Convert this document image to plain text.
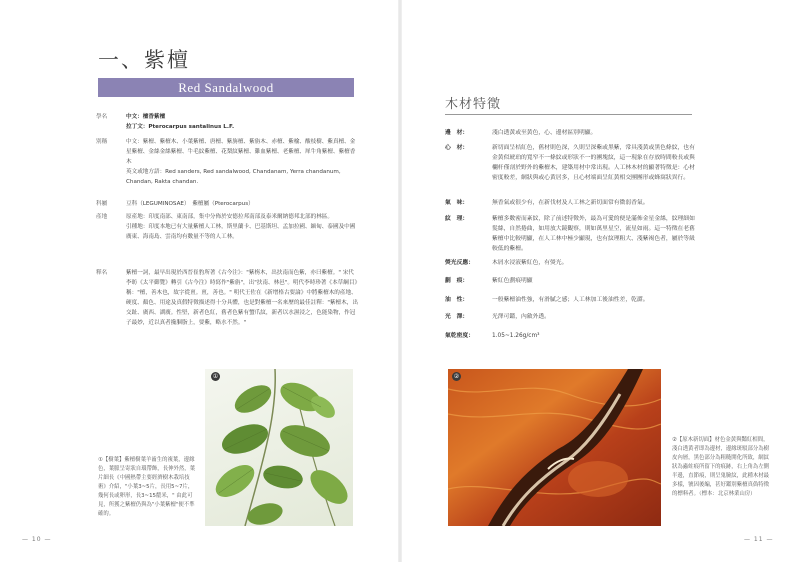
一、紫檀
Red Sandalwood
學名	中文：檀香紫檀

拉丁文：Pterocarpus santalinus L.F.

別稱	中文：紫檀、紫檀木、小葉紫檀、唐檀、紫旃檀、紫旃木、赤檀、紫榆、酸枝樹、紫真檀、金星紫檀、金絲金絲紫檀、牛毛紋紫檀、花梨紋紫檀、雞血紫檀、老紫檀、犀牛角紫檀、紫檀香木

英文或地方語：Red sanders, Red sandalwood, Chandanam, Yerra chandanum, Chandan, Rakta chandan.

科屬	豆科（LEGUMINOSAE）　紫檀屬（Pterocarpus）

產地	原產地：印度南部、東南部，集中分佈於安德拉邦南部及泰米爾納德邦北部的林區。

引種地：印度本地已有大量紫檀人工林，斯里蘭卡、巴基斯坦、孟加拉國、緬甸、泰國及中國廣東、海南島、雲南均有數量不等的人工林。

釋名	紫檀一詞，最早出現於西晉崔豹所著《古今注》："紫栴木，出扶南而色紫，亦曰紫檀。" 宋代李昉《太平御覽》轉引《古今注》時寫作"紫旃"，出"扶南、林邑"。明代李時珍著《本草綱目》稱："檀，善木也，故字從亶。亶，善也。" 明代王佐在《新增格古要論》中將紫檀木的產地、硬度、顏色、用途及真假特徵描述得十分具體，也是對紫檀一名來歷的最佳註釋："紫檀木，出交趾、廣西、湖廣。性堅，新者色紅，舊者色紫有蟹爪紋，新者以水濕浸之，色能染物，作冠子最妙，近以真者攙胭脂上，要紫，略水不然。"

①【樹葉】紫檀樹葉羊齒生的複葉，邊緣色，葉脈呈寄狀自環帶飾，長伸外然，葉片細長《中國熱帶主要經濟樹木栽培技術》介紹，"小葉3~5片，長用5~7片，幾何長或卵形，長3~15釐米，" 由此可見，所獲之紫檀仍與為"小葉紫檀"便不準確的。
①
— 10 —
木材特徵
邊　材：	淺白透黃或至黃色，心、邊材區別明顯。
心　材：	新切面呈桔紅色，舊材則色深，久則呈深紫或黑紫，常具淺黃或黑色條紋，也有金黃似琥珀的寬窄不一條紋或形狀不一的團塊紋，這一現象在存放時間較長或與欄杆僅剖於野外的紫檀木，建築用材中常出現。人工林木材的顯著特徵是：心材密度較差，網狀與或心黃居多，且心材端面呈紅黃相交團團形或蜂窩狀異行。
氣　味：	無香氣或很少有，在新伐材及人工林之新切面常有微弱香氣。
紋　理：	紫檀多數密而紊紋，除了前述特徵外，最為可愛的便是滿佈金星金絲，紋理細如髮絲，自然捲曲，如用放大鏡觀察，則如萬里星空，流星如雨。這一特徵在老舊紫檀中比較明顯，在人工林中極少顯現，也有紋理粗大、淺紫褐色者，屬於等級較低的紫檀。
熒光反應：	木屑水浸液紫紅色，有熒光。
劃　痕：	紫紅色劃痕明顯
油　性：	一般紫檀油性強，有滑膩之感；人工林加工後油性差，乾澀。
光　澤：	光澤可鑑，內斂外透。
氣乾密度：	1.05~1.26g/cm³
②
②【原木新切面】材色金黃與豔紅相間，淺白透黃者即為邊材，邊緣斑駁部分為樹皮內層，黑色部分為粗糙開化所致，網紋狀為蟲蛀痕所留下的痕跡，右上角為左側半邊，直節痕，則呈鬼臉紋，此種木材最多樣，號因後編，甚好鑑別紫檀真偽特徵的標料者。（標本：北京林業山房）
— 11 —
